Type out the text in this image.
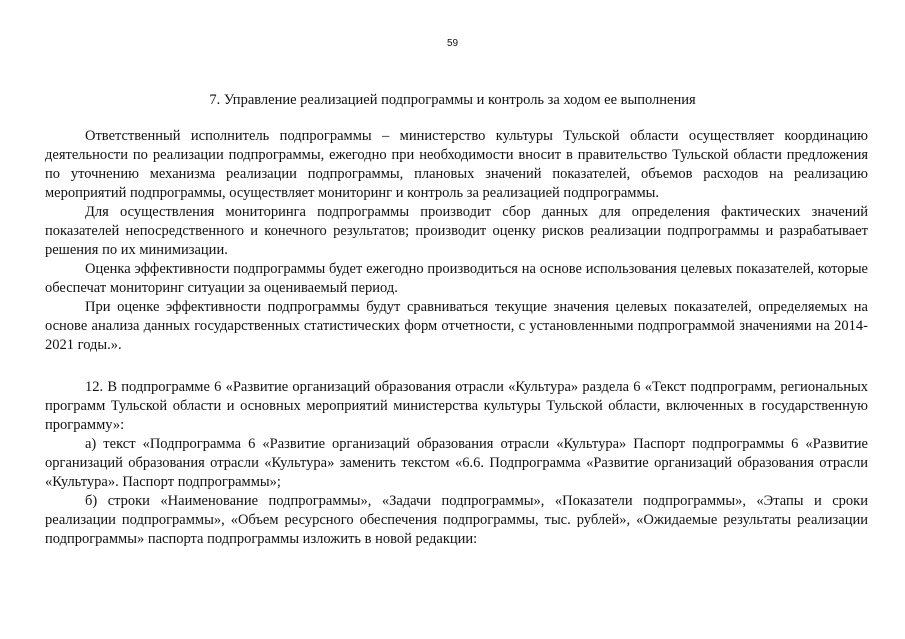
59
7. Управление реализацией подпрограммы и контроль за ходом ее выполнения

Ответственный исполнитель подпрограммы – министерство культуры Тульской области осуществляет координацию деятельности по реализации подпрограммы, ежегодно при необходимости вносит в правительство Тульской области предложения по уточнению механизма реализации подпрограммы, плановых значений показателей, объемов расходов на реализацию мероприятий подпрограммы, осуществляет мониторинг и контроль за реализацией подпрограммы.

Для осуществления мониторинга подпрограммы производит сбор данных для определения фактических значений показателей непосредственного и конечного результатов; производит оценку рисков реализации подпрограммы и разрабатывает решения по их минимизации.

Оценка эффективности подпрограммы будет ежегодно производиться на основе использования целевых показателей, которые обеспечат мониторинг ситуации за оцениваемый период.

При оценке эффективности подпрограммы будут сравниваться текущие значения целевых показателей, определяемых на основе анализа данных государственных статистических форм отчетности, с установленными подпрограммой значениями на 2014-2021 годы.».

12. В подпрограмме 6 «Развитие организаций образования отрасли «Культура» раздела 6 «Текст подпрограмм, региональных программ Тульской области и основных мероприятий министерства культуры Тульской области, включенных в государственную программу»:

а) текст «Подпрограмма 6 «Развитие организаций образования отрасли «Культура» Паспорт подпрограммы 6 «Развитие организаций образования отрасли «Культура» заменить текстом «6.6. Подпрограмма «Развитие организаций образования отрасли «Культура». Паспорт подпрограммы»;

б) строки «Наименование подпрограммы», «Задачи подпрограммы», «Показатели подпрограммы», «Этапы и сроки реализации подпрограммы», «Объем ресурсного обеспечения подпрограммы, тыс. рублей», «Ожидаемые результаты реализации подпрограммы» паспорта подпрограммы изложить в новой редакции:
